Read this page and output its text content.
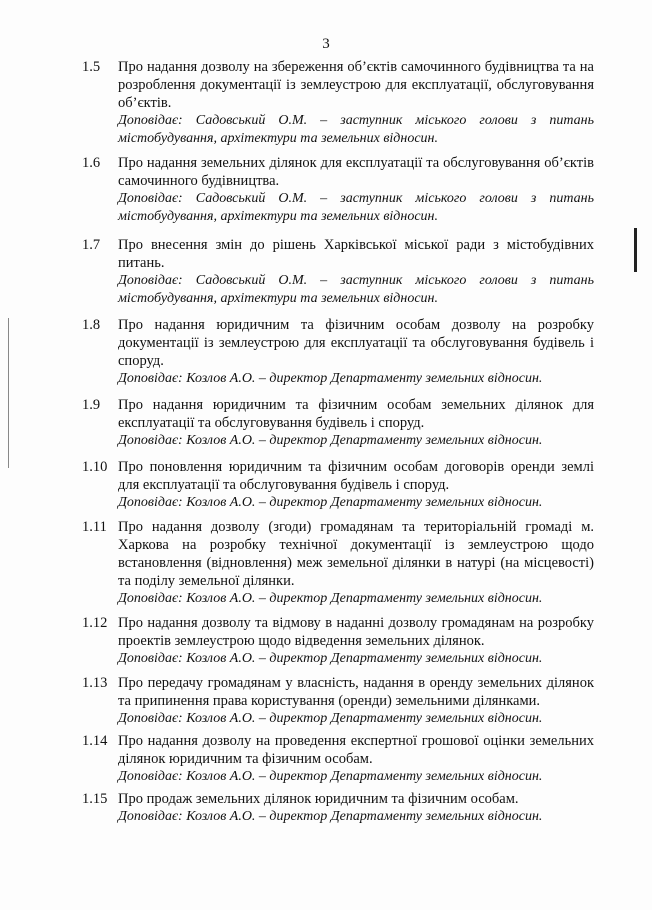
3
1.5 Про надання дозволу на збереження об’єктів самочинного будівництва та на розроблення документації із землеустрою для експлуатації, обслуговування об’єктів.

Доповідає: Садовський О.М. – заступник міського голови з питань містобудування, архітектури та земельних відносин.

1.6 Про надання земельних ділянок для експлуатації та обслуговування об’єктів самочинного будівництва.

Доповідає: Садовський О.М. – заступник міського голови з питань містобудування, архітектури та земельних відносин.

1.7 Про внесення змін до рішень Харківської міської ради з містобудівних питань.

Доповідає: Садовський О.М. – заступник міського голови з питань містобудування, архітектури та земельних відносин.

1.8 Про надання юридичним та фізичним особам дозволу на розробку документації із землеустрою для експлуатації та обслуговування будівель і споруд.

Доповідає: Козлов А.О. – директор Департаменту земельних відносин.

1.9 Про надання юридичним та фізичним особам земельних ділянок для експлуатації та обслуговування будівель і споруд.

Доповідає: Козлов А.О. – директор Департаменту земельних відносин.

1.10 Про поновлення юридичним та фізичним особам договорів оренди землі для експлуатації та обслуговування будівель і споруд.

Доповідає: Козлов А.О. – директор Департаменту земельних відносин.

1.11 Про надання дозволу (згоди) громадянам та територіальній громаді м. Харкова на розробку технічної документації із землеустрою щодо встановлення (відновлення) меж земельної ділянки в натурі (на місцевості) та поділу земельної ділянки.

Доповідає: Козлов А.О. – директор Департаменту земельних відносин.

1.12 Про надання дозволу та відмову в наданні дозволу громадянам на розробку проектів землеустрою щодо відведення земельних ділянок.

Доповідає: Козлов А.О. – директор Департаменту земельних відносин.

1.13 Про передачу громадянам у власність, надання в оренду земельних ділянок та припинення права користування (оренди) земельними ділянками.

Доповідає: Козлов А.О. – директор Департаменту земельних відносин.

1.14 Про надання дозволу на проведення експертної грошової оцінки земельних ділянок юридичним та фізичним особам.

Доповідає: Козлов А.О. – директор Департаменту земельних відносин.

1.15 Про продаж земельних ділянок юридичним та фізичним особам.

Доповідає: Козлов А.О. – директор Департаменту земельних відносин.
